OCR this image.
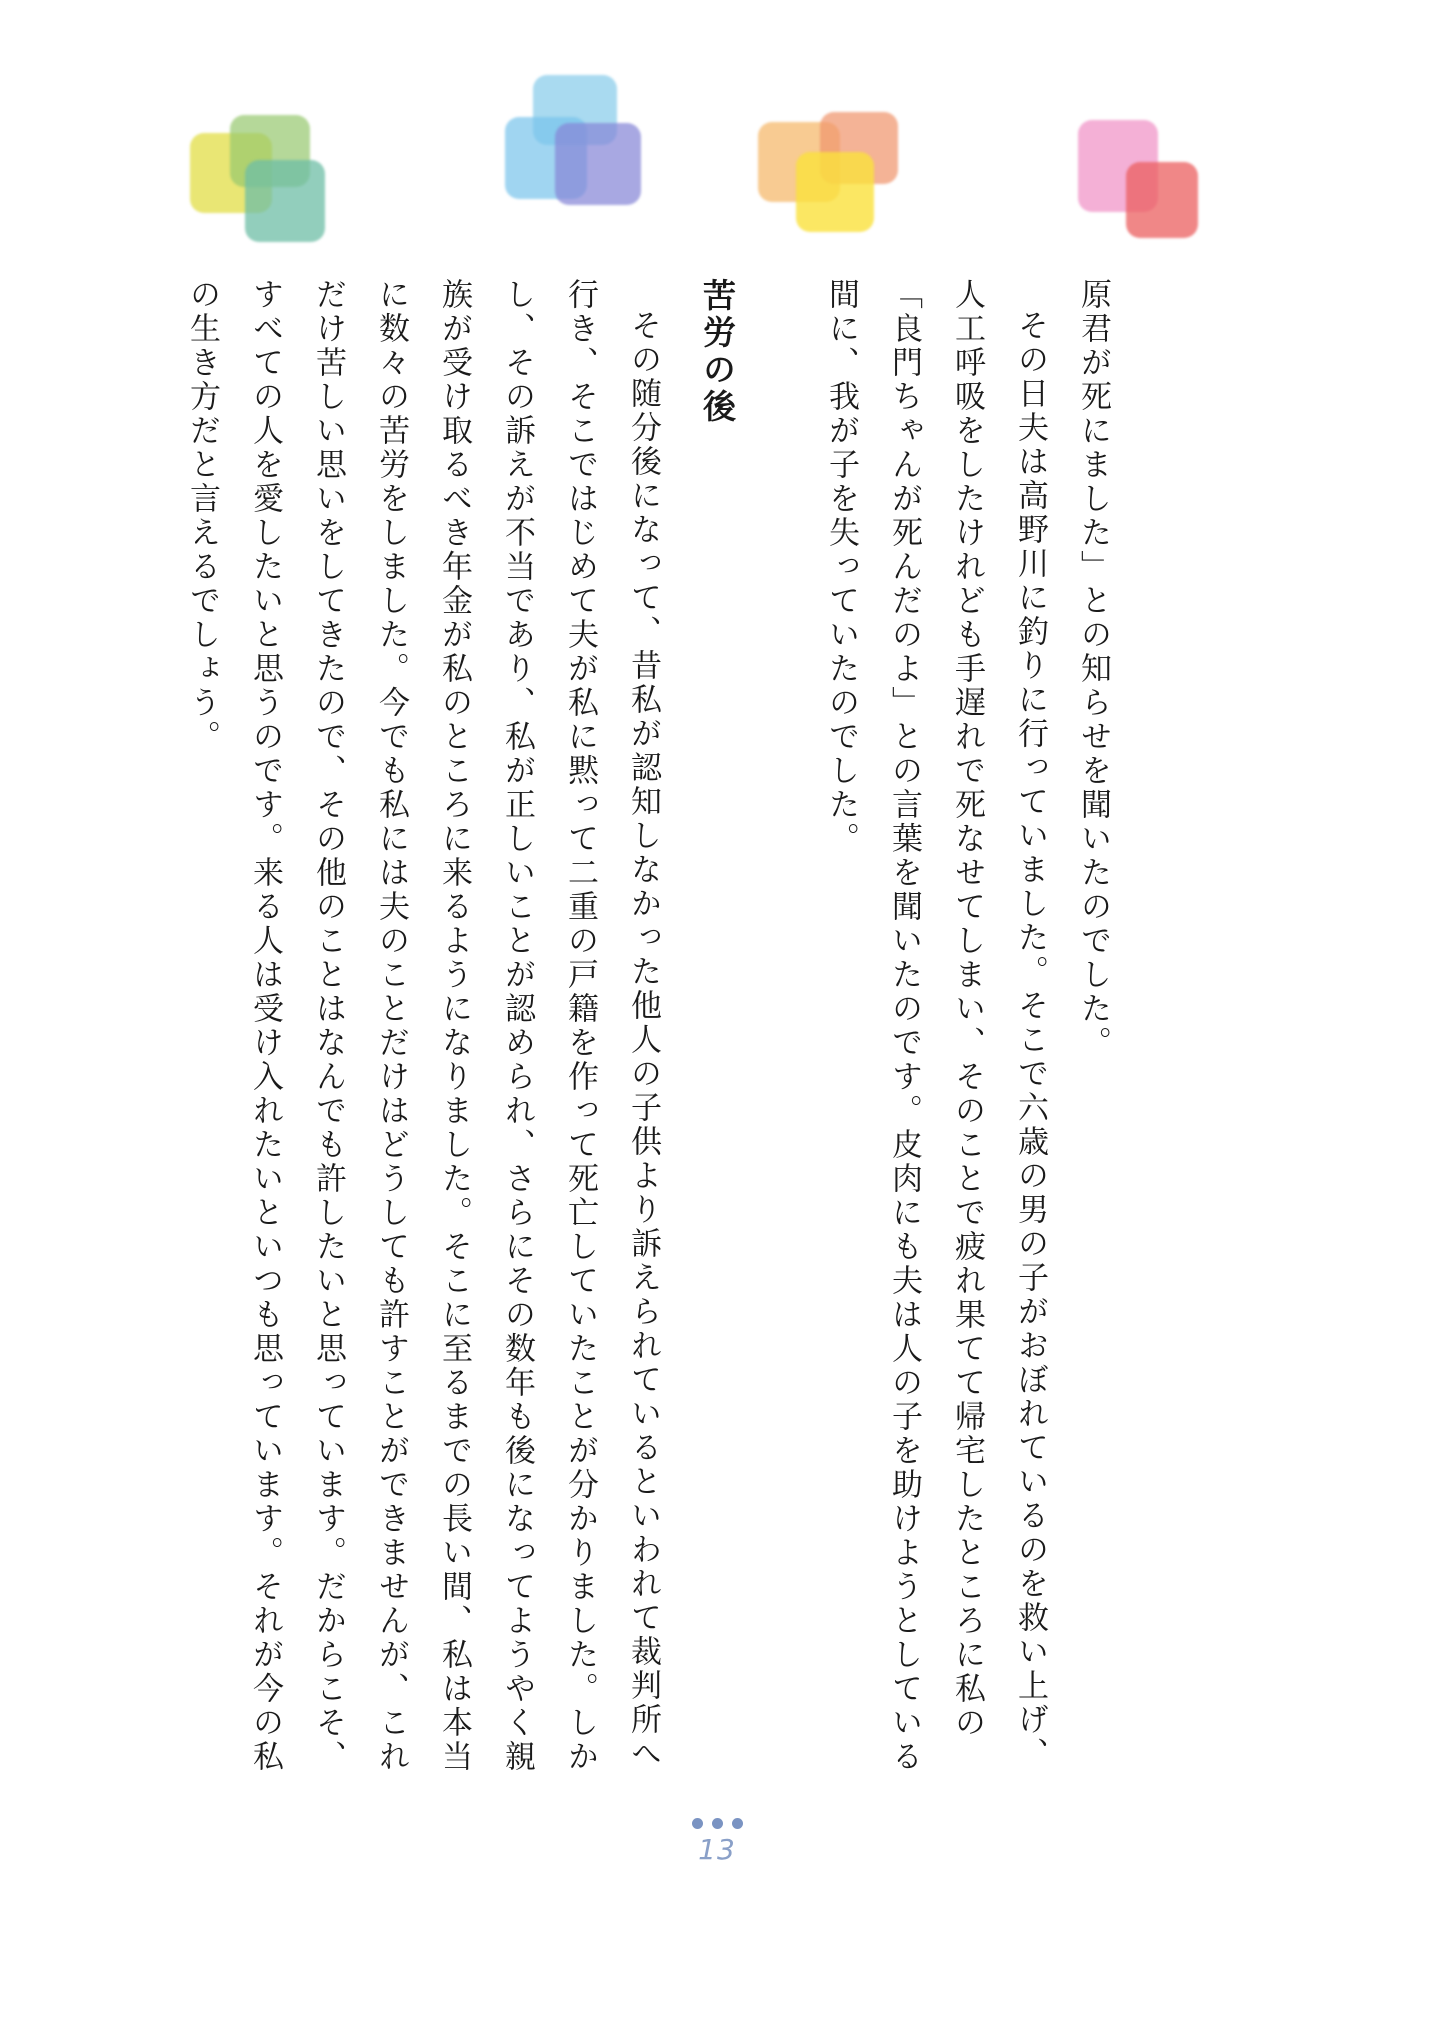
原君が死にました」との知らせを聞いたのでした。

その日夫は高野川に釣りに行っていました。そこで六歳の男の子がおぼれているのを救い上げ、人工呼吸をしたけれども手遅れで死なせてしまい、そのことで疲れ果てて帰宅したところに私の「良門ちゃんが死んだのよ」との言葉を聞いたのです。皮肉にも夫は人の子を助けようとしている間に、我が子を失っていたのでした。

苦労の後

その随分後になって、昔私が認知しなかった他人の子供より訴えられているといわれて裁判所へ行き、そこではじめて夫が私に黙って二重の戸籍を作って死亡していたことが分かりました。しかし、その訴えが不当であり、私が正しいことが認められ、さらにその数年も後になってようやく親族が受け取るべき年金が私のところに来るようになりました。そこに至るまでの長い間、私は本当に数々の苦労をしました。今でも私には夫のことだけはどうしても許すことができませんが、これだけ苦しい思いをしてきたので、その他のことはなんでも許したいと思っています。だからこそ、すべての人を愛したいと思うのです。来る人は受け入れたいといつも思っています。それが今の私の生き方だと言えるでしょう。

13
